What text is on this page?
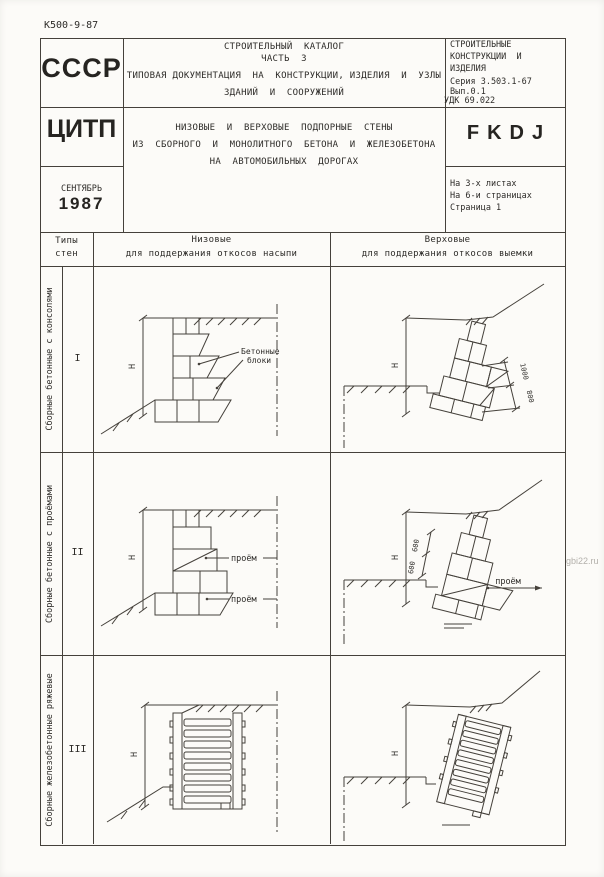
К500-9-87
СССР
ЦИТП
СЕНТЯБРЬ
1987
СТРОИТЕЛЬНЫЙ  КАТАЛОГ
ЧАСТЬ  3
ТИПОВАЯ ДОКУМЕНТАЦИЯ  НА  КОНСТРУКЦИИ, ИЗДЕЛИЯ  И  УЗЛЫ
ЗДАНИЙ  И  СООРУЖЕНИЙ
НИЗОВЫЕ  И  ВЕРХОВЫЕ  ПОДПОРНЫЕ  СТЕНЫ
ИЗ  СБОРНОГО  И  МОНОЛИТНОГО  БЕТОНА  И  ЖЕЛЕЗОБЕТОНА
НА  АВТОМОБИЛЬНЫХ  ДОРОГАХ
СТРОИТЕЛЬНЫЕ
КОНСТРУКЦИИ  И
ИЗДЕЛИЯ
Серия 3.503.1-67
Вып.0.1
УДК 69.022
FKDJ
На 3-х листах
На 6-и страницах
Страница 1
Типы
стен
Низовые
для поддержания откосов насыпи
Верховые
для поддержания откосов выемки
Сборные бетонные с консолями	I
Сборные бетонные с проёмами	II
Сборные железобетонные ряжевые	III
Н
Бетонные
блоки
Н	1000
800
Н	проём
проём
Н
600
600
проём
Н	Н
gbi22.ru
